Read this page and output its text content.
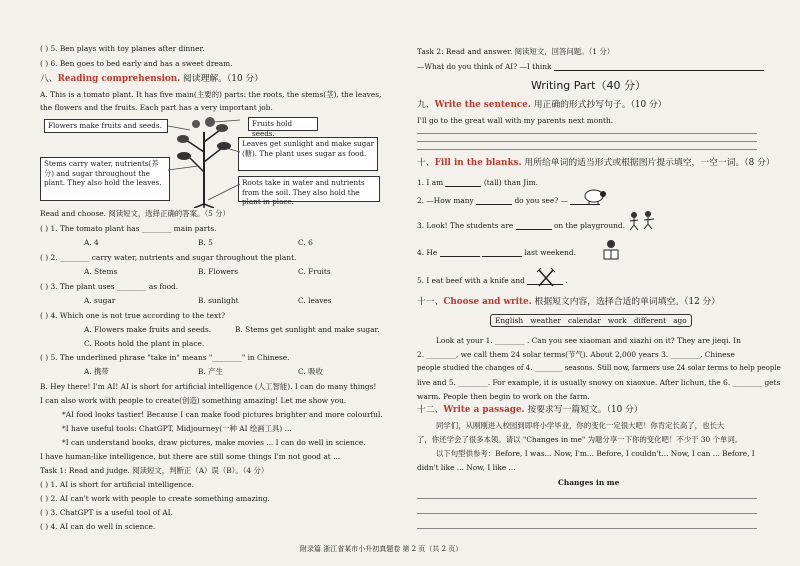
( ) 5. Ben plays with toy planes after dinner.
( ) 6. Ben goes to bed early and has a sweet dream.
八、Reading comprehension. 阅读理解。（10 分）
A. This is a tomato plant. It has five main(主要的) parts: the roots, the stems(茎), the leaves,
the flowers and the fruits. Each part has a very important job.
Flowers make fruits and seeds.	Fruits hold seeds.
Leaves get sunlight and make sugar (糖). The plant uses sugar as food.
Stems carry water, nutrients(养分) and sugar throughout the plant. They also hold the leaves.	Roots take in water and nutrients from the soil. They also hold the plant in place.
Read and choose. 阅读短文，选择正确的答案。（5 分）
( ) 1. The tomato plant has ________ main parts.
A. 4	B. 5	C. 6
( ) 2. ________ carry water, nutrients and sugar throughout the plant.
A. Stems	B. Flowers	C. Fruits
( ) 3. The plant uses ________ as food.
A. sugar	B. sunlight	C. leaves
( ) 4. Which one is not true according to the text?
A. Flowers make fruits and seeds.	B. Stems get sunlight and make sugar.
C. Roots hold the plant in place.
( ) 5. The underlined phrase "take in" means "________" in Chinese.
A. 携带	B. 产生	C. 吸收
B. Hey there! I'm AI! AI is short for artificial intelligence (人工智能). I can do many things!
I can also work with people to create(创造) something amazing! Let me show you.
*AI food looks tastier! Because I can make food pictures brighter and more colourful.
*I have useful tools: ChatGPT, Midjourney(一种 AI 绘画工具) ...
*I can understand books, draw pictures, make movies ... I can do well in science.
I have human-like intelligence, but there are still some things I'm not good at ...
Task 1: Read and judge. 阅读短文，判断正（A）误（B）。（4 分）
( ) 1. AI is short for artificial intelligence.
( ) 2. AI can't work with people to create something amazing.
( ) 3. ChatGPT is a useful tool of AI.
( ) 4. AI can do well in science.
附录篇 浙江省某市小升初真题卷 第 2 页（共 2 页）
Task 2: Read and answer. 阅读短文，回答问题。（1 分）
—What do you think of AI? —I think
Writing Part（40 分）
九、Write the sentence. 用正确的形式抄写句子。（10 分）
I'll go to the great wall with my parents next month.
十、Fill in the blanks. 用所给单词的适当形式或根据图片提示填空，一空一词。（8 分）
1. I am	(tall) than Jim.
2. —How many	do you see? —
3. Look! The students are	on the playground.
4. He	last weekend.
5. I eat beef with a knife and	.
十一、Choose and write. 根据短文内容，选择合适的单词填空。（12 分）
English weather calendar work different ago
Look at your 1. ________ . Can you see xiaoman and xiazhi on it? They are jieqi. In
2. ________, we call them 24 solar terms(节气). About 2,000 years 3. ________, Chinese
people studied the changes of 4. ________ seasons. Still now, farmers use 24 solar terms to help people
live and 5. ________. For example, it is usually snowy on xiaoxue. After lichun, the 6. ________ gets
warm. People then begin to work on the farm.
十二、Write a passage. 按要求写一篇短文。（10 分）
同学们，从刚刚进入校园到即将小学毕业，你的变化一定很大吧！你肯定长高了，也长大
了，你还学会了很多本领。请以 "Changes in me" 为题分享一下你的变化吧！不少于 30 个单词。
以下句型供参考：Before, I was... Now, I'm... Before, I couldn't... Now, I can ... Before, I
didn't like ... Now, I like ...
Changes in me
